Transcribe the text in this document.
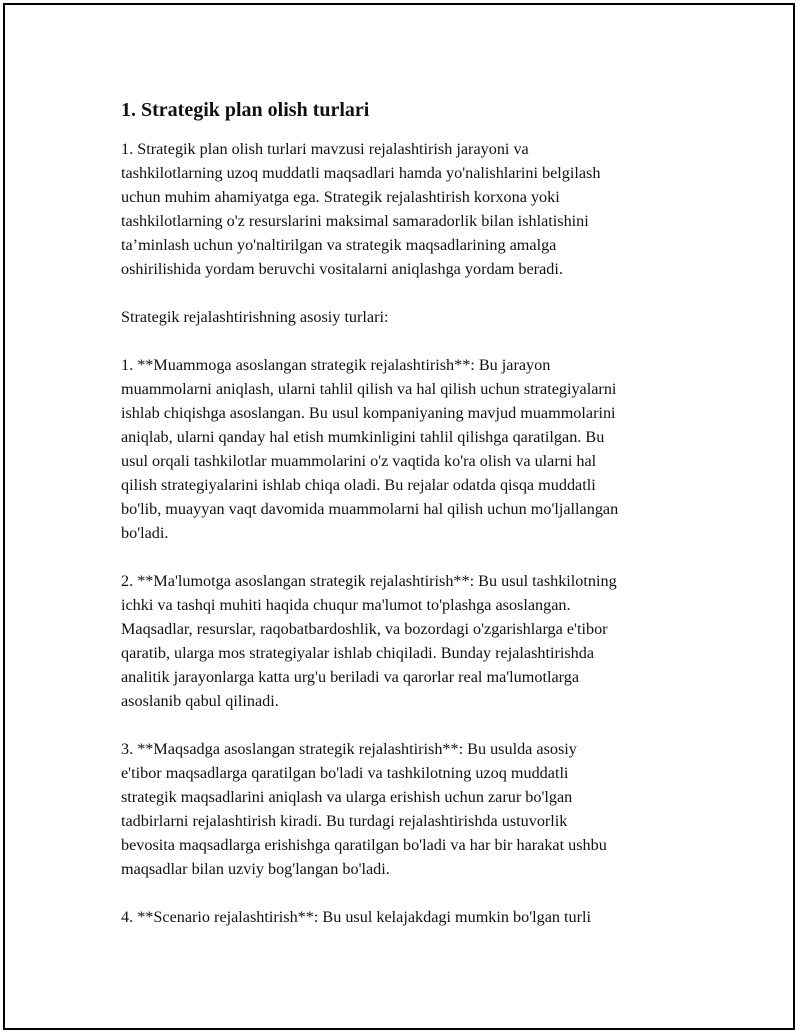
1. Strategik plan olish turlari

1. Strategik plan olish turlari mavzusi rejalashtirish jarayoni va
tashkilotlarning uzoq muddatli maqsadlari hamda yo'nalishlarini belgilash
uchun muhim ahamiyatga ega. Strategik rejalashtirish korxona yoki
tashkilotlarning o'z resurslarini maksimal samaradorlik bilan ishlatishini
ta’minlash uchun yo'naltirilgan va strategik maqsadlarining amalga
oshirilishida yordam beruvchi vositalarni aniqlashga yordam beradi.

Strategik rejalashtirishning asosiy turlari:

1. **Muammoga asoslangan strategik rejalashtirish**: Bu jarayon
muammolarni aniqlash, ularni tahlil qilish va hal qilish uchun strategiyalarni
ishlab chiqishga asoslangan. Bu usul kompaniyaning mavjud muammolarini
aniqlab, ularni qanday hal etish mumkinligini tahlil qilishga qaratilgan. Bu
usul orqali tashkilotlar muammolarini o'z vaqtida ko'ra olish va ularni hal
qilish strategiyalarini ishlab chiqa oladi. Bu rejalar odatda qisqa muddatli
bo'lib, muayyan vaqt davomida muammolarni hal qilish uchun mo'ljallangan
bo'ladi.

2. **Ma'lumotga asoslangan strategik rejalashtirish**: Bu usul tashkilotning
ichki va tashqi muhiti haqida chuqur ma'lumot to'plashga asoslangan.
Maqsadlar, resurslar, raqobatbardoshlik, va bozordagi o'zgarishlarga e'tibor
qaratib, ularga mos strategiyalar ishlab chiqiladi. Bunday rejalashtirishda
analitik jarayonlarga katta urg'u beriladi va qarorlar real ma'lumotlarga
asoslanib qabul qilinadi.

3. **Maqsadga asoslangan strategik rejalashtirish**: Bu usulda asosiy
e'tibor maqsadlarga qaratilgan bo'ladi va tashkilotning uzoq muddatli
strategik maqsadlarini aniqlash va ularga erishish uchun zarur bo'lgan
tadbirlarni rejalashtirish kiradi. Bu turdagi rejalashtirishda ustuvorlik
bevosita maqsadlarga erishishga qaratilgan bo'ladi va har bir harakat ushbu
maqsadlar bilan uzviy bog'langan bo'ladi.

4. **Scenario rejalashtirish**: Bu usul kelajakdagi mumkin bo'lgan turli
